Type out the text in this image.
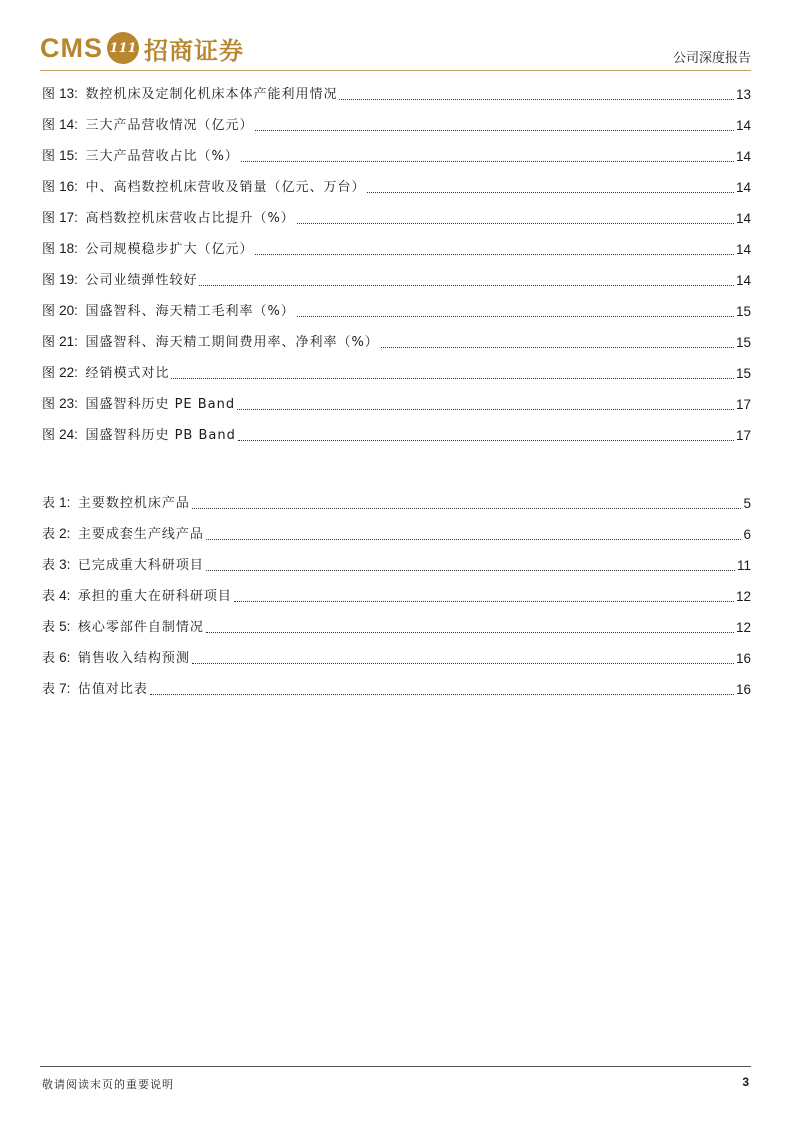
CMS 111 招商证券	公司深度报告
图 13:  数控机床及定制化机床本体产能利用情况	13
图 14:  三大产品营收情况（亿元）	14
图 15:  三大产品营收占比（%）	14
图 16:  中、高档数控机床营收及销量（亿元、万台）	14
图 17:  高档数控机床营收占比提升（%）	14
图 18:  公司规模稳步扩大（亿元）	14
图 19:  公司业绩弹性较好	14
图 20:  国盛智科、海天精工毛利率（%）	15
图 21:  国盛智科、海天精工期间费用率、净利率（%）	15
图 22:  经销模式对比	15
图 23:  国盛智科历史 PE Band	17
图 24:  国盛智科历史 PB Band	17
表 1:  主要数控机床产品	5
表 2:  主要成套生产线产品	6
表 3:  已完成重大科研项目	11
表 4:  承担的重大在研科研项目	12
表 5:  核心零部件自制情况	12
表 6:  销售收入结构预测	16
表 7:  估值对比表	16
敬请阅读末页的重要说明	3
